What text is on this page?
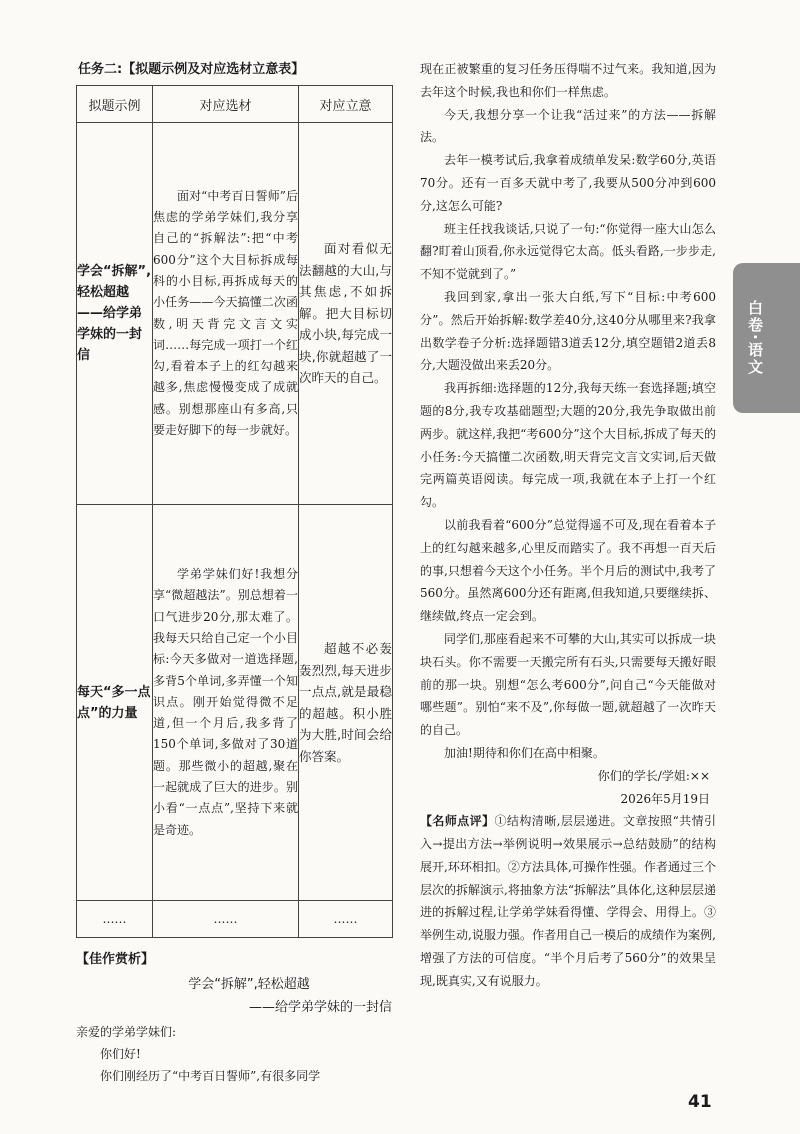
任务二:【拟题示例及对应选材立意表】
拟题示例	对应选材	对应立意
学会“拆解”,轻松超越——给学弟学妹的一封信	面对“中考百日誓师”后焦虑的学弟学妹们,我分享自己的“拆解法”:把“中考600分”这个大目标拆成每科的小目标,再拆成每天的小任务——今天搞懂二次函数,明天背完文言文实词……每完成一项打一个红勾,看着本子上的红勾越来越多,焦虑慢慢变成了成就感。别想那座山有多高,只要走好脚下的每一步就好。	面对看似无法翻越的大山,与其焦虑,不如拆解。把大目标切成小块,每完成一块,你就超越了一次昨天的自己。

每天“多一点点”的力量	学弟学妹们好!我想分享“微超越法”。别总想着一口气进步20分,那太难了。我每天只给自己定一个小目标:今天多做对一道选择题,多背5个单词,多弄懂一个知识点。刚开始觉得微不足道,但一个月后,我多背了150个单词,多做对了30道题。那些微小的超越,聚在一起就成了巨大的进步。别小看“一点点”,坚持下来就是奇迹。	超越不必轰轰烈烈,每天进步一点点,就是最稳的超越。积小胜为大胜,时间会给你答案。

……	……	……
【佳作赏析】
学会“拆解”,轻松超越
——给学弟学妹的一封信

亲爱的学弟学妹们:

你们好!

你们刚经历了“中考百日誓师”,有很多同学

现在正被繁重的复习任务压得喘不过气来。我知道,因为去年这个时候,我也和你们一样焦虑。

今天,我想分享一个让我“活过来”的方法——拆解法。

去年一模考试后,我拿着成绩单发呆:数学60分,英语70分。还有一百多天就中考了,我要从500分冲到600分,这怎么可能?

班主任找我谈话,只说了一句:“你觉得一座大山怎么翻?盯着山顶看,你永远觉得它太高。低头看路,一步步走,不知不觉就到了。”

我回到家,拿出一张大白纸,写下“目标:中考600分”。然后开始拆解:数学差40分,这40分从哪里来?我拿出数学卷子分析:选择题错3道丢12分,填空题错2道丢8分,大题没做出来丢20分。

我再拆细:选择题的12分,我每天练一套选择题;填空题的8分,我专攻基础题型;大题的20分,我先争取做出前两步。就这样,我把“考600分”这个大目标,拆成了每天的小任务:今天搞懂二次函数,明天背完文言文实词,后天做完两篇英语阅读。每完成一项,我就在本子上打一个红勾。

以前我看着“600分”总觉得遥不可及,现在看着本子上的红勾越来越多,心里反而踏实了。我不再想一百天后的事,只想着今天这个小任务。半个月后的测试中,我考了560分。虽然离600分还有距离,但我知道,只要继续拆、继续做,终点一定会到。

同学们,那座看起来不可攀的大山,其实可以拆成一块块石头。你不需要一天搬完所有石头,只需要每天搬好眼前的那一块。别想“怎么考600分”,问自己“今天能做对哪些题”。别怕“来不及”,你每做一题,就超越了一次昨天的自己。

加油!期待和你们在高中相聚。

你们的学长/学姐:××

2026年5月19日

【名师点评】①结构清晰,层层递进。文章按照“共情引入→提出方法→举例说明→效果展示→总结鼓励”的结构展开,环环相扣。②方法具体,可操作性强。作者通过三个层次的拆解演示,将抽象方法“拆解法”具体化,这种层层递进的拆解过程,让学弟学妹看得懂、学得会、用得上。③举例生动,说服力强。作者用自己一模后的成绩作为案例,增强了方法的可信度。“半个月后考了560分”的效果呈现,既真实,又有说服力。

白卷·语文
41
